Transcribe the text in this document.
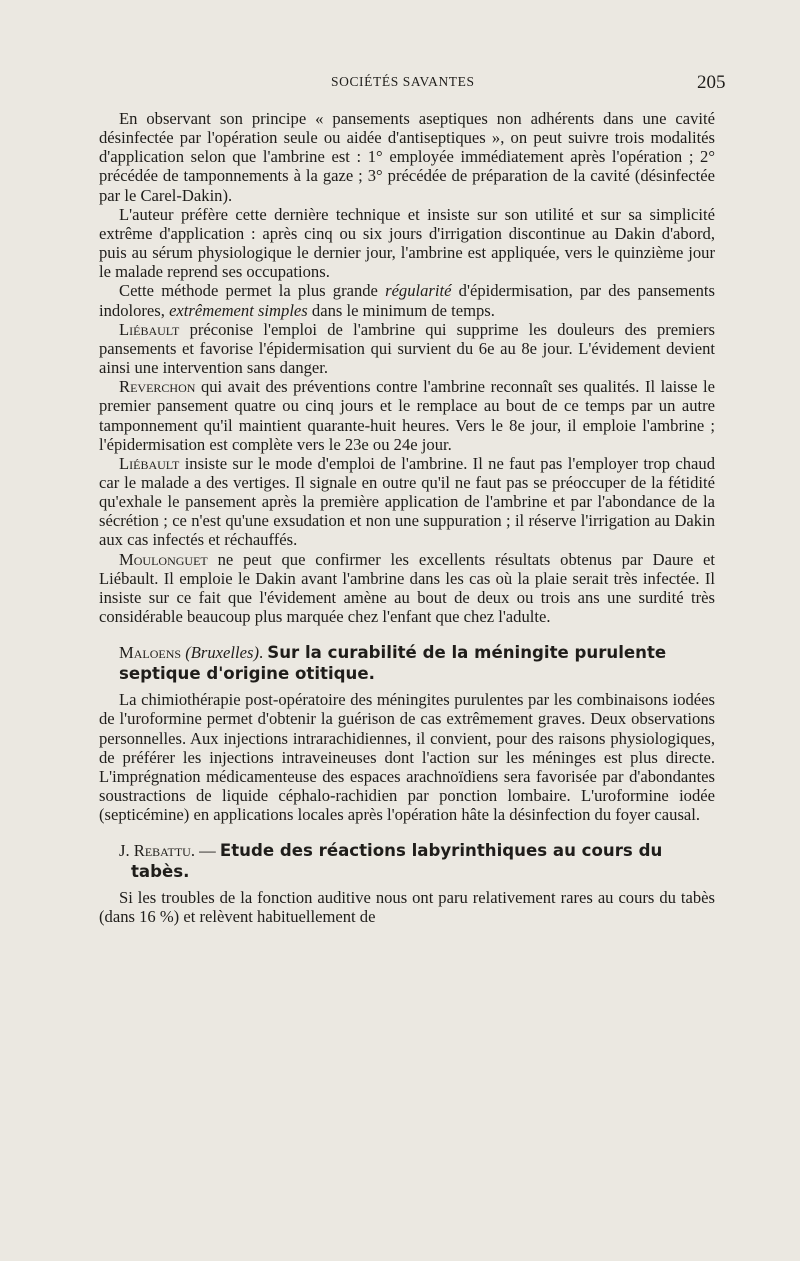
SOCIÉTÉS SAVANTES	205

En observant son principe « pansements aseptiques non adhérents dans une cavité désinfectée par l'opération seule ou aidée d'antiseptiques », on peut suivre trois modalités d'application selon que l'ambrine est : 1° employée immédiatement après l'opération ; 2° précédée de tamponnements à la gaze ; 3° précédée de préparation de la cavité (désinfectée par le Carel-Dakin).

L'auteur préfère cette dernière technique et insiste sur son utilité et sur sa simplicité extrême d'application : après cinq ou six jours d'irrigation discontinue au Dakin d'abord, puis au sérum physiologique le dernier jour, l'ambrine est appliquée, vers le quinzième jour le malade reprend ses occupations.

Cette méthode permet la plus grande régularité d'épidermisation, par des pansements indolores, extrêmement simples dans le minimum de temps.

Liébault préconise l'emploi de l'ambrine qui supprime les douleurs des premiers pansements et favorise l'épidermisation qui survient du 6e au 8e jour. L'évidement devient ainsi une intervention sans danger.

Reverchon qui avait des préventions contre l'ambrine reconnaît ses qualités. Il laisse le premier pansement quatre ou cinq jours et le remplace au bout de ce temps par un autre tamponnement qu'il maintient quarante-huit heures. Vers le 8e jour, il emploie l'ambrine ; l'épidermisation est complète vers le 23e ou 24e jour.

Liébault insiste sur le mode d'emploi de l'ambrine. Il ne faut pas l'employer trop chaud car le malade a des vertiges. Il signale en outre qu'il ne faut pas se préoccuper de la fétidité qu'exhale le pansement après la première application de l'ambrine et par l'abondance de la sécrétion ; ce n'est qu'une exsudation et non une suppuration ; il réserve l'irrigation au Dakin aux cas infectés et réchauffés.

Moulonguet ne peut que confirmer les excellents résultats obtenus par Daure et Liébault. Il emploie le Dakin avant l'ambrine dans les cas où la plaie serait très infectée. Il insiste sur ce fait que l'évidement amène au bout de deux ou trois ans une surdité très considérable beaucoup plus marquée chez l'enfant que chez l'adulte.

Maloens (Bruxelles). Sur la curabilité de la méningite purulente
septique d'origine otitique.

La chimiothérapie post-opératoire des méningites purulentes par les combinaisons iodées de l'uroformine permet d'obtenir la guérison de cas extrêmement graves. Deux observations personnelles. Aux injections intrarachidiennes, il convient, pour des raisons physiologiques, de préférer les injections intraveineuses dont l'action sur les méninges est plus directe. L'imprégnation médicamenteuse des espaces arachnoïdiens sera favorisée par d'abondantes soustractions de liquide céphalo-rachidien par ponction lombaire. L'uroformine iodée (septicémine) en applications locales après l'opération hâte la désinfection du foyer causal.

J. Rebattu. — Etude des réactions labyrinthiques au cours du
tabès.

Si les troubles de la fonction auditive nous ont paru relativement rares au cours du tabès (dans 16 %) et relèvent habituellement de
